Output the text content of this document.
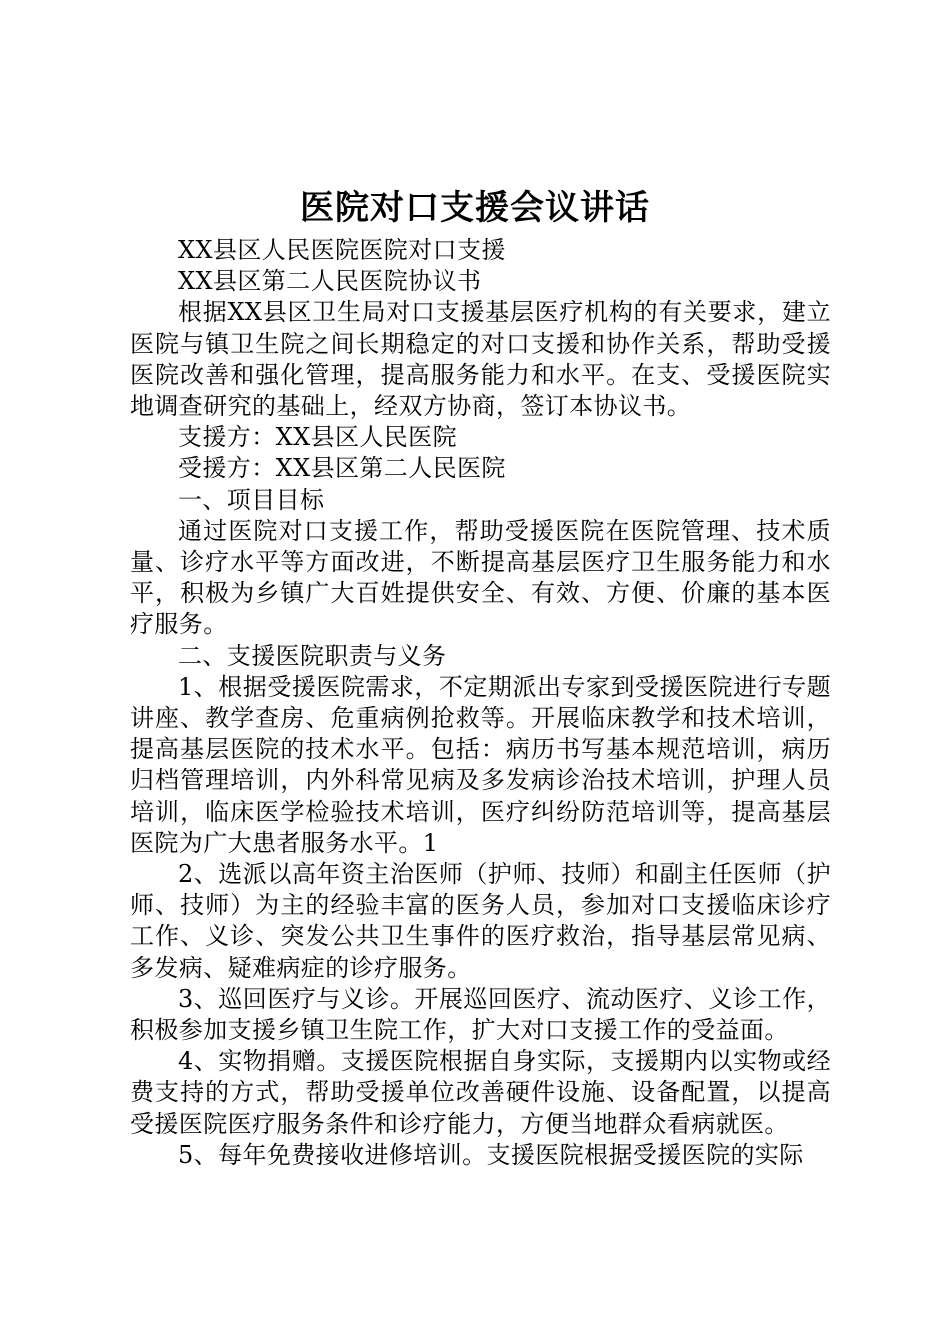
医院对口支援会议讲话

XX县区人民医院医院对口支援

XX县区第二人民医院协议书

根据XX县区卫生局对口支援基层医疗机构的有关要求，建立医院与镇卫生院之间长期稳定的对口支援和协作关系，帮助受援医院改善和强化管理，提高服务能力和水平。在支、受援医院实地调查研究的基础上，经双方协商，签订本协议书。

支援方：XX县区人民医院

受援方：XX县区第二人民医院

一、项目目标

通过医院对口支援工作，帮助受援医院在医院管理、技术质量、诊疗水平等方面改进，不断提高基层医疗卫生服务能力和水平，积极为乡镇广大百姓提供安全、有效、方便、价廉的基本医疗服务。

二、支援医院职责与义务

1、根据受援医院需求，不定期派出专家到受援医院进行专题讲座、教学查房、危重病例抢救等。开展临床教学和技术培训，提高基层医院的技术水平。包括：病历书写基本规范培训，病历归档管理培训，内外科常见病及多发病诊治技术培训，护理人员培训，临床医学检验技术培训，医疗纠纷防范培训等，提高基层医院为广大患者服务水平。1

2、选派以高年资主治医师（护师、技师）和副主任医师（护师、技师）为主的经验丰富的医务人员，参加对口支援临床诊疗工作、义诊、突发公共卫生事件的医疗救治，指导基层常见病、多发病、疑难病症的诊疗服务。

3、巡回医疗与义诊。开展巡回医疗、流动医疗、义诊工作，积极参加支援乡镇卫生院工作，扩大对口支援工作的受益面。

4、实物捐赠。支援医院根据自身实际，支援期内以实物或经费支持的方式，帮助受援单位改善硬件设施、设备配置，以提高受援医院医疗服务条件和诊疗能力，方便当地群众看病就医。

5、每年免费接收进修培训。支援医院根据受援医院的实际
